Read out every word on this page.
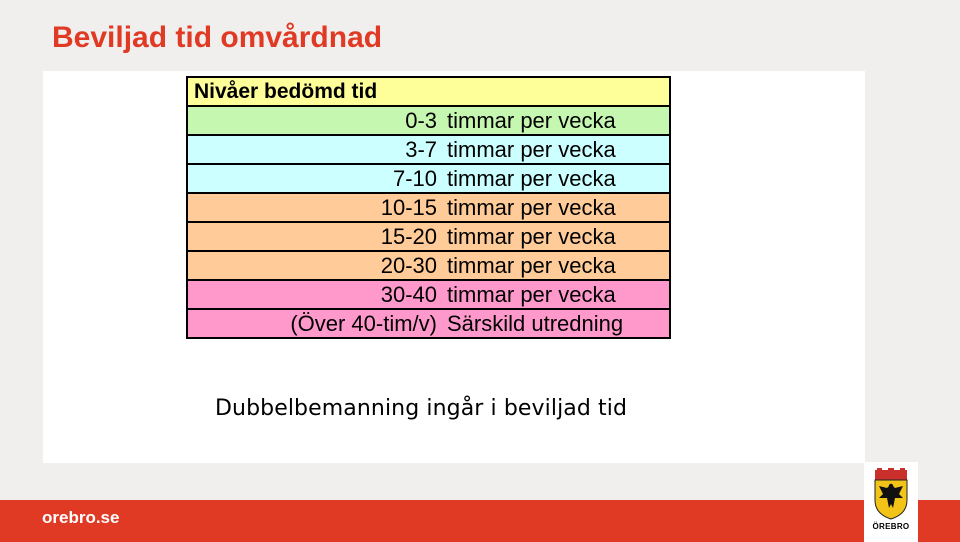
Beviljad tid omvårdnad
Nivåer bedömd tid

0-3 timmar per vecka

3-7 timmar per vecka

7-10 timmar per vecka

10-15 timmar per vecka

15-20 timmar per vecka

20-30 timmar per vecka

30-40 timmar per vecka

(Över 40-tim/v) Särskild utredning
Dubbelbemanning ingår i beviljad tid
orebro.se	ÖREBRO
